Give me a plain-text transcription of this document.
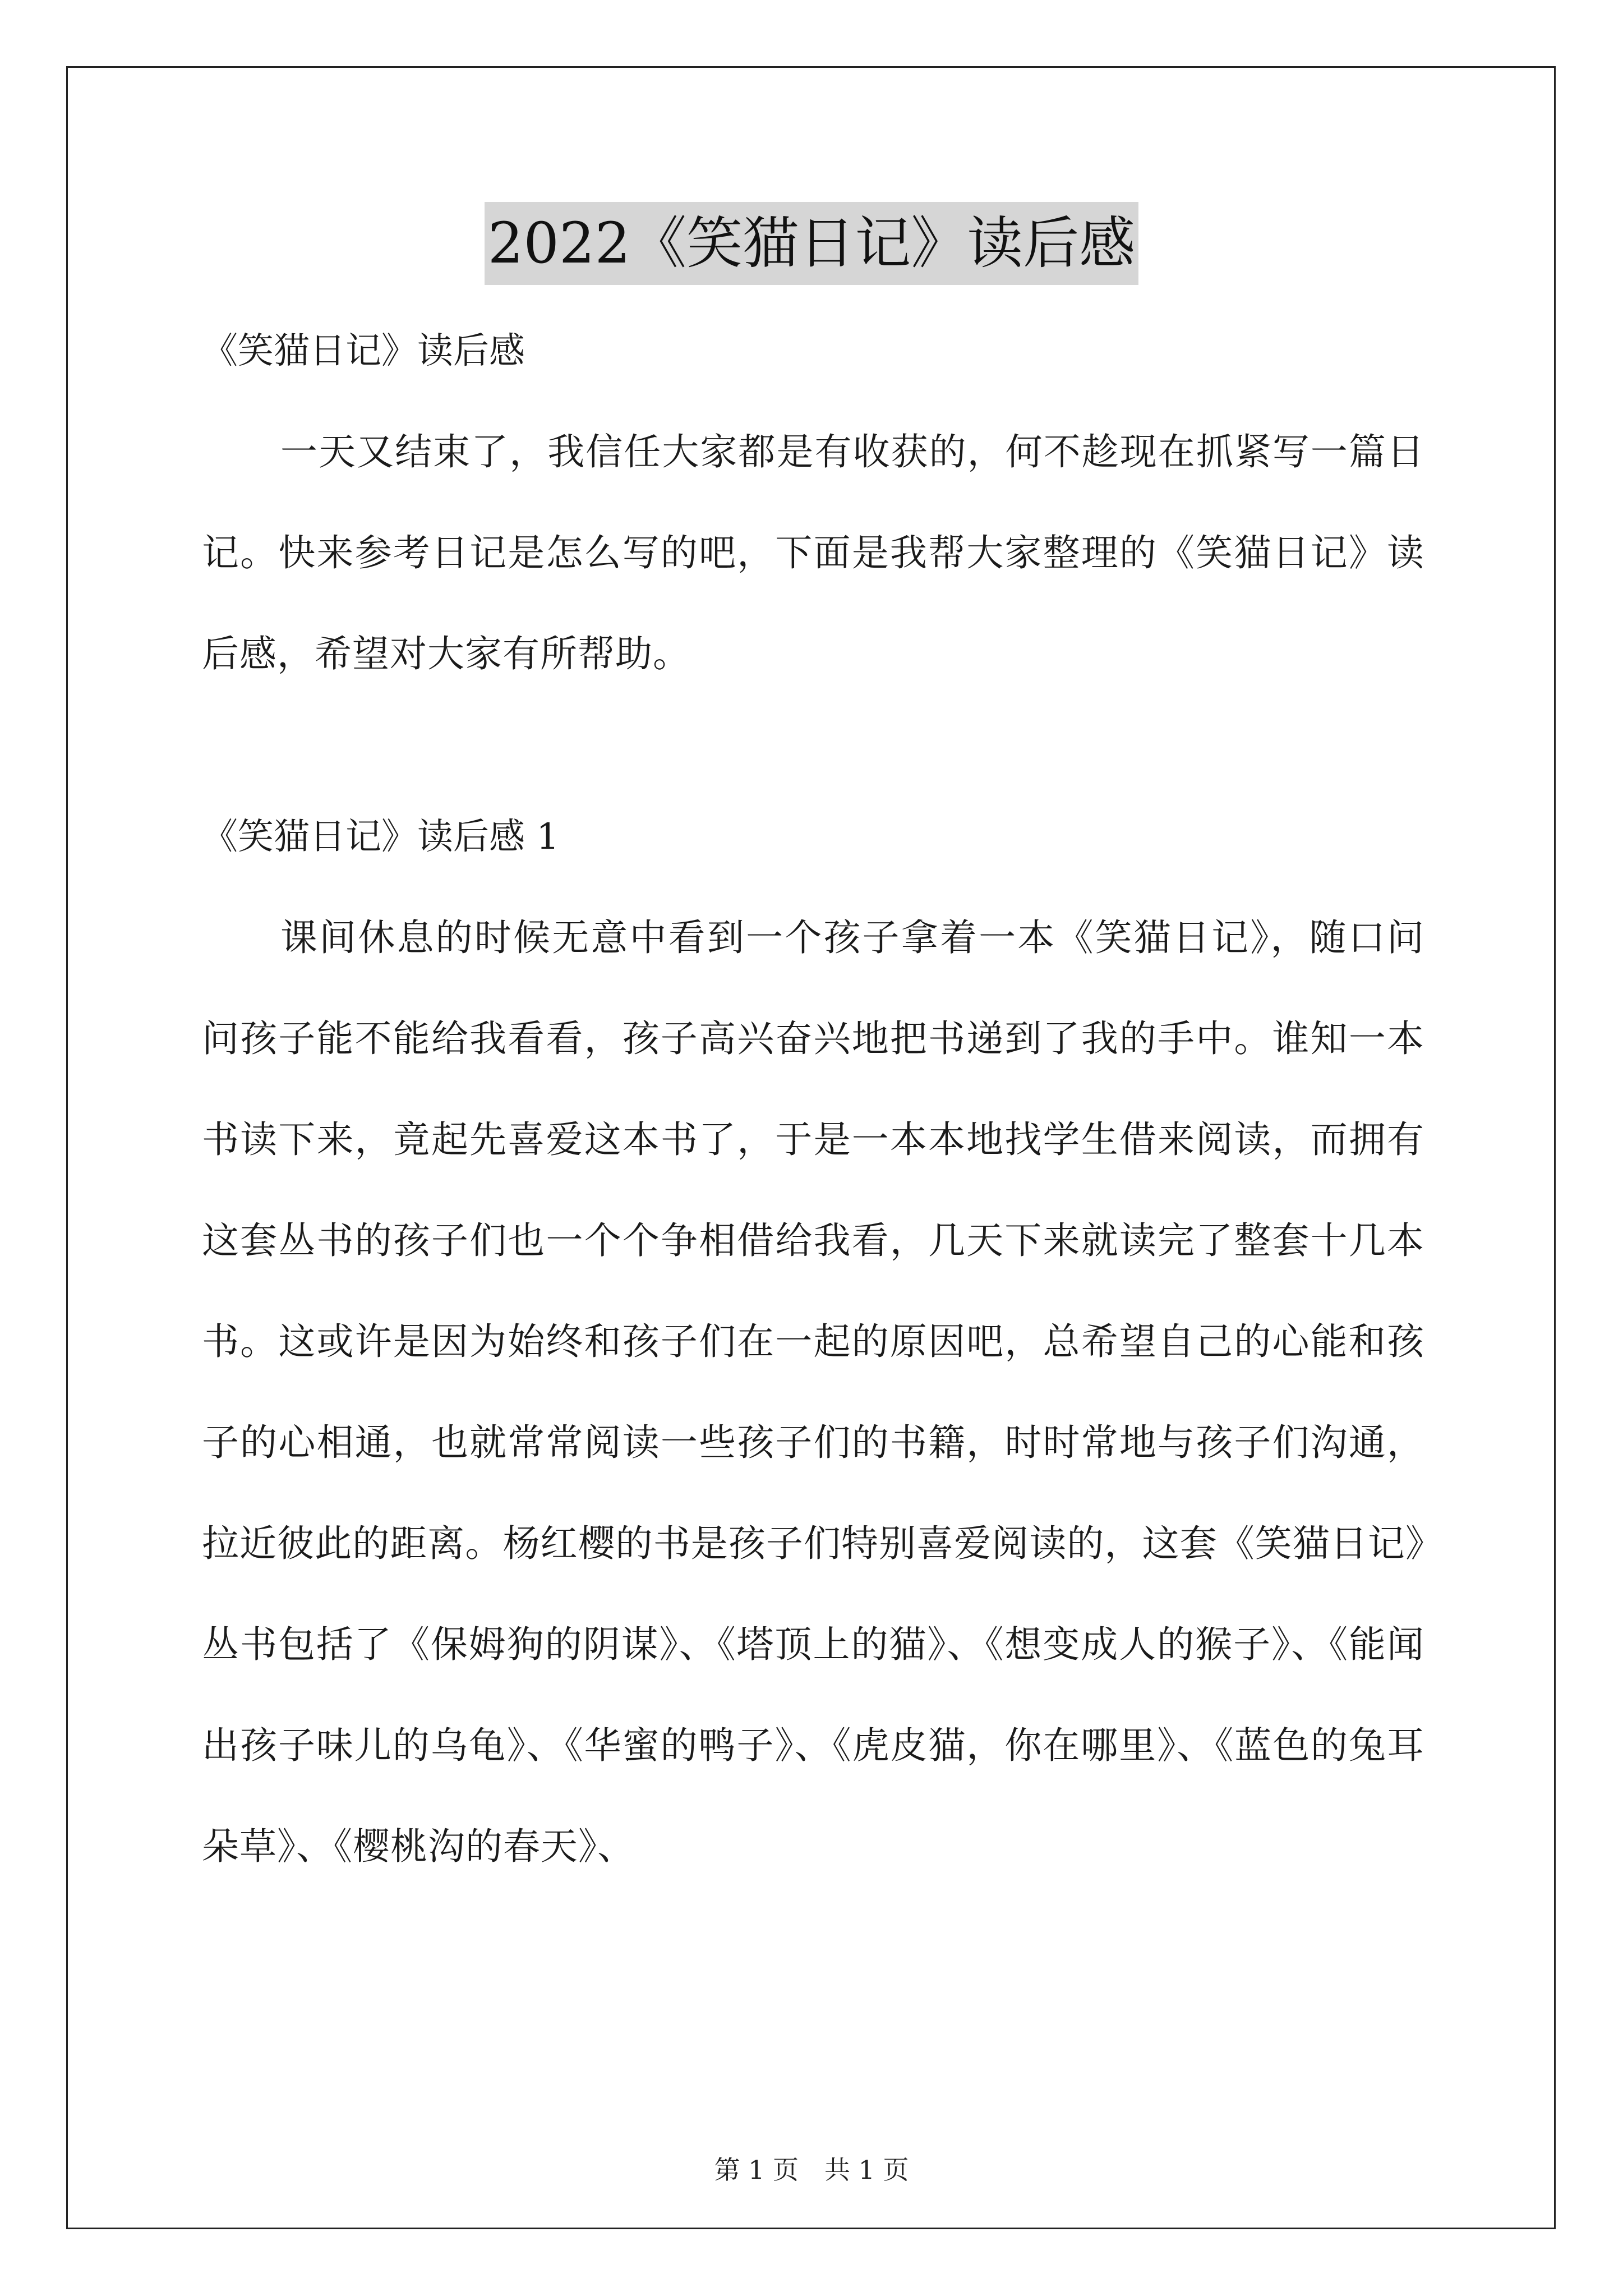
2022《笑猫日记》读后感
《笑猫日记》读后感

一天又结束了，我信任大家都是有收获的，何不趁现在抓紧写一篇日记。快来参考日记是怎么写的吧，下面是我帮大家整理的《笑猫日记》读后感，希望对大家有所帮助。

《笑猫日记》读后感 1

课间休息的时候无意中看到一个孩子拿着一本《笑猫日记》，随口问问孩子能不能给我看看，孩子高兴奋兴地把书递到了我的手中。谁知一本书读下来，竟起先喜爱这本书了，于是一本本地找学生借来阅读，而拥有这套丛书的孩子们也一个个争相借给我看，几天下来就读完了整套十几本书。这或许是因为始终和孩子们在一起的原因吧，总希望自己的心能和孩子的心相通，也就常常阅读一些孩子们的书籍，时时常地与孩子们沟通，拉近彼此的距离。杨红樱的书是孩子们特别喜爱阅读的，这套《笑猫日记》丛书包括了《保姆狗的阴谋》、《塔顶上的猫》、《想变成人的猴子》、《能闻出孩子味儿的乌龟》、《华蜜的鸭子》、《虎皮猫，你在哪里》、《蓝色的兔耳朵草》、《樱桃沟的春天》、

第 1 页 共 1 页
